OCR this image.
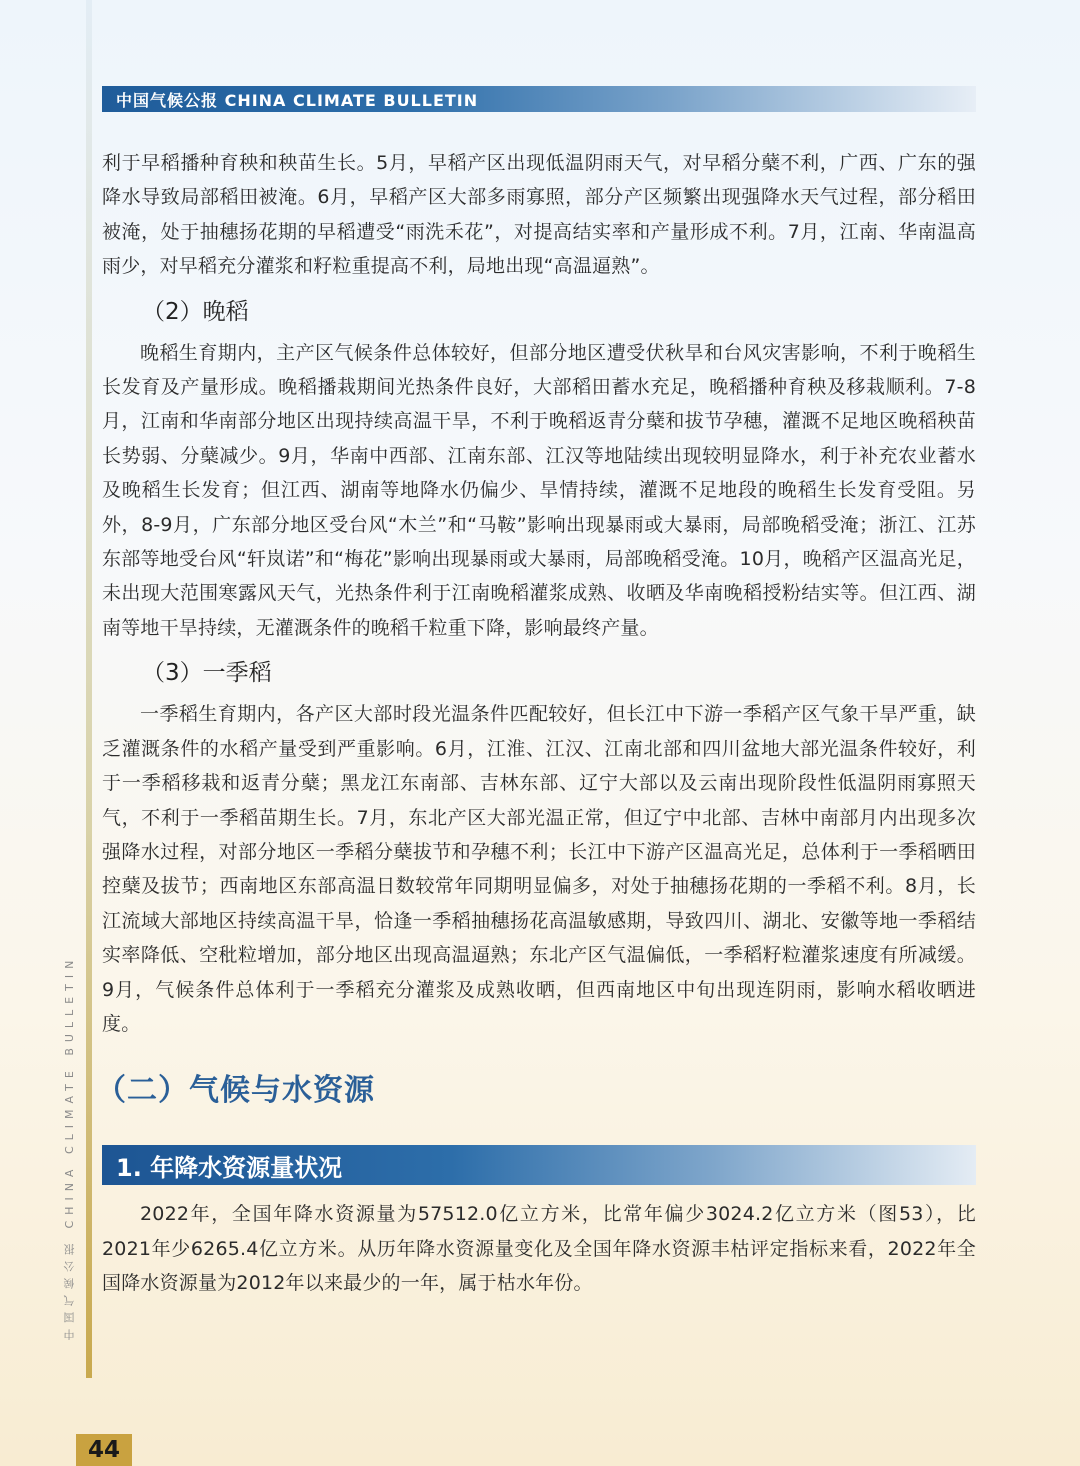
中国气候公报 CHINA CLIMATE BULLETIN

利于早稻播种育秧和秧苗生长。5月，早稻产区出现低温阴雨天气，对早稻分蘖不利，广西、广东的强降水导致局部稻田被淹。6月，早稻产区大部多雨寡照，部分产区频繁出现强降水天气过程，部分稻田被淹，处于抽穗扬花期的早稻遭受“雨洗禾花”，对提高结实率和产量形成不利。7月，江南、华南温高雨少，对早稻充分灌浆和籽粒重提高不利，局地出现“高温逼熟”。

（2）晚稻

晚稻生育期内，主产区气候条件总体较好，但部分地区遭受伏秋旱和台风灾害影响，不利于晚稻生长发育及产量形成。晚稻播栽期间光热条件良好，大部稻田蓄水充足，晚稻播种育秧及移栽顺利。7-8月，江南和华南部分地区出现持续高温干旱，不利于晚稻返青分蘖和拔节孕穗，灌溉不足地区晚稻秧苗长势弱、分蘖减少。9月，华南中西部、江南东部、江汉等地陆续出现较明显降水，利于补充农业蓄水及晚稻生长发育；但江西、湖南等地降水仍偏少、旱情持续，灌溉不足地段的晚稻生长发育受阻。另外，8-9月，广东部分地区受台风“木兰”和“马鞍”影响出现暴雨或大暴雨，局部晚稻受淹；浙江、江苏东部等地受台风“轩岚诺”和“梅花”影响出现暴雨或大暴雨，局部晚稻受淹。10月，晚稻产区温高光足，未出现大范围寒露风天气，光热条件利于江南晚稻灌浆成熟、收晒及华南晚稻授粉结实等。但江西、湖南等地干旱持续，无灌溉条件的晚稻千粒重下降，影响最终产量。

（3）一季稻

一季稻生育期内，各产区大部时段光温条件匹配较好，但长江中下游一季稻产区气象干旱严重，缺乏灌溉条件的水稻产量受到严重影响。6月，江淮、江汉、江南北部和四川盆地大部光温条件较好，利于一季稻移栽和返青分蘖；黑龙江东南部、吉林东部、辽宁大部以及云南出现阶段性低温阴雨寡照天气，不利于一季稻苗期生长。7月，东北产区大部光温正常，但辽宁中北部、吉林中南部月内出现多次强降水过程，对部分地区一季稻分蘖拔节和孕穗不利；长江中下游产区温高光足，总体利于一季稻晒田控蘖及拔节；西南地区东部高温日数较常年同期明显偏多，对处于抽穗扬花期的一季稻不利。8月，长江流域大部地区持续高温干旱，恰逢一季稻抽穗扬花高温敏感期，导致四川、湖北、安徽等地一季稻结实率降低、空秕粒增加，部分地区出现高温逼熟；东北产区气温偏低，一季稻籽粒灌浆速度有所减缓。9月，气候条件总体利于一季稻充分灌浆及成熟收晒，但西南地区中旬出现连阴雨，影响水稻收晒进度。

（二）气候与水资源
1. 年降水资源量状况

2022年，全国年降水资源量为57512.0亿立方米，比常年偏少3024.2亿立方米（图53），比2021年少6265.4亿立方米。从历年降水资源量变化及全国年降水资源丰枯评定指标来看，2022年全国降水资源量为2012年以来最少的一年，属于枯水年份。

中国气候公报 CHINA CLIMATE BULLETIN
44
